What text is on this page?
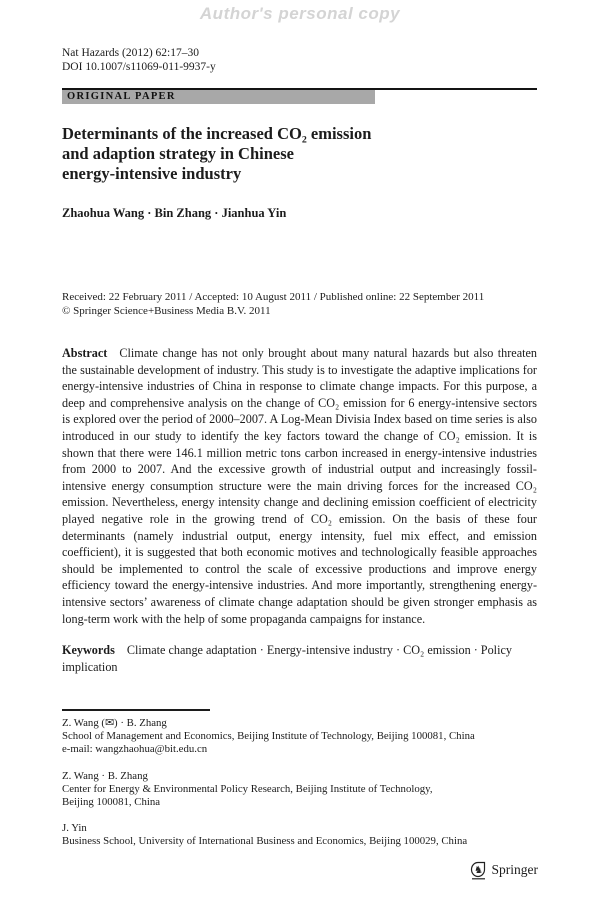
Author's personal copy
Nat Hazards (2012) 62:17–30
DOI 10.1007/s11069-011-9937-y
ORIGINAL PAPER
Determinants of the increased CO₂ emission
and adaption strategy in Chinese
energy-intensive industry
Zhaohua Wang · Bin Zhang · Jianhua Yin
Received: 22 February 2011 / Accepted: 10 August 2011 / Published online: 22 September 2011
© Springer Science+Business Media B.V. 2011

Abstract Climate change has not only brought about many natural hazards but also threaten the sustainable development of industry. This study is to investigate the adaptive implications for energy-intensive industries of China in response to climate change impacts. For this purpose, a deep and comprehensive analysis on the change of CO₂ emission for 6 energy-intensive sectors is explored over the period of 2000–2007. A Log-Mean Divisia Index based on time series is also introduced in our study to identify the key factors toward the change of CO₂ emission. It is shown that there were 146.1 million metric tons carbon increased in energy-intensive industries from 2000 to 2007. And the excessive growth of industrial output and increasingly fossil-intensive energy consumption structure were the main driving forces for the increased CO₂ emission. Nevertheless, energy intensity change and declining emission coefficient of electricity played negative role in the growing trend of CO₂ emission. On the basis of these four determinants (namely industrial output, energy intensity, fuel mix effect, and emission coefficient), it is suggested that both economic motives and technologically feasible approaches should be implemented to control the scale of excessive productions and improve energy efficiency toward the energy-intensive industries. And more importantly, strengthening energy-intensive sectors’ awareness of climate change adaptation should be given stronger emphasis as long-term work with the help of some propaganda campaigns for instance.

Keywords Climate change adaptation · Energy-intensive industry · CO₂ emission · Policy implication

Z. Wang (✉) · B. Zhang
School of Management and Economics, Beijing Institute of Technology, Beijing 100081, China
e-mail: wangzhaohua@bit.edu.cn
Z. Wang · B. Zhang
Center for Energy & Environmental Policy Research, Beijing Institute of Technology,
Beijing 100081, China
J. Yin
Business School, University of International Business and Economics, Beijing 100029, China
♞ Springer
